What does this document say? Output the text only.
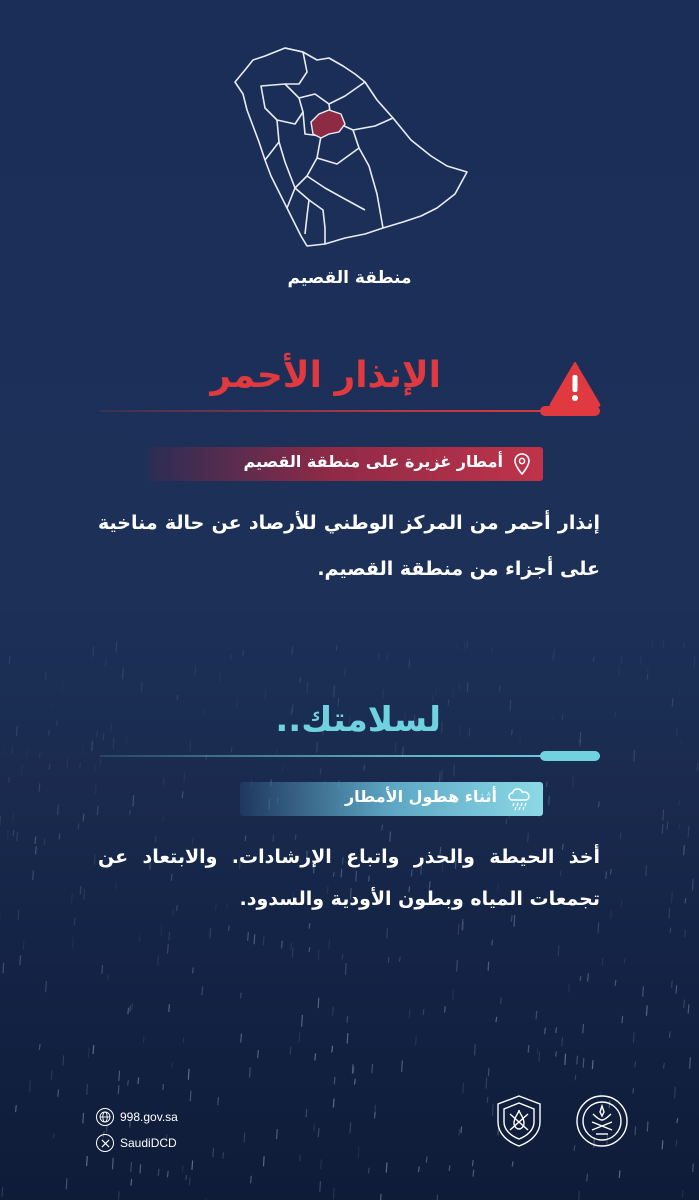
منطقة القصيم
الإنذار الأحمر
أمطار غزيرة على منطقة القصيم
إنذار أحمر من المركز الوطني للأرصاد عن حالة مناخية على أجزاء من منطقة القصيم.
لسلامتك..
أثناء هطول الأمطار
أخذ الحيطة والحذر واتباع الإرشادات. والابتعاد عن تجمعات المياه وبطون الأودية والسدود.
998.gov.sa
SaudiDCD
